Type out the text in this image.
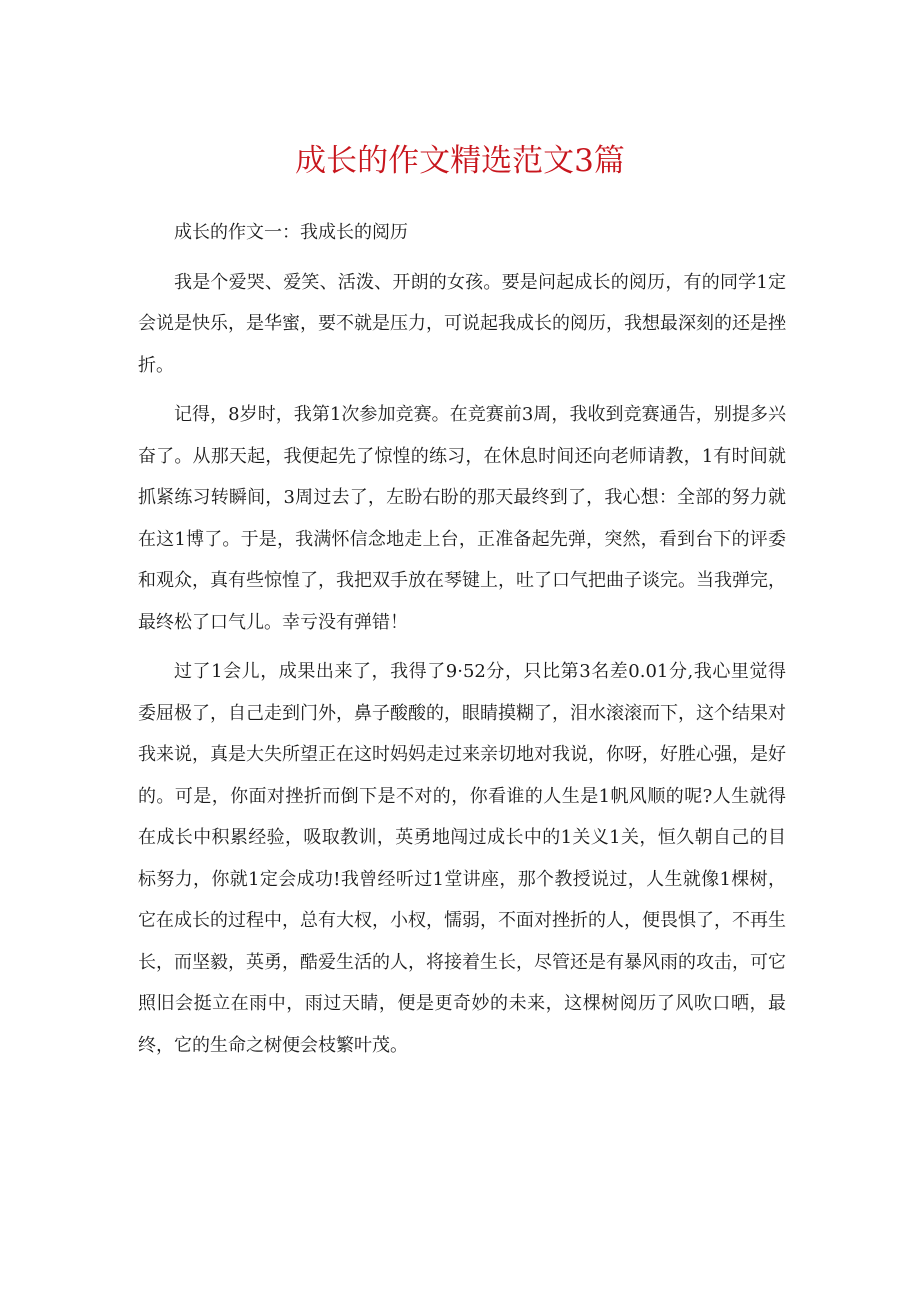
成长的作文精选范文3篇

成长的作文一：我成长的阅历

我是个爱哭、爱笑、活泼、开朗的女孩。要是问起成长的阅历，有的同学1定会说是快乐，是华蜜，要不就是压力，可说起我成长的阅历，我想最深刻的还是挫折。

记得，8岁时，我第1次参加竞赛。在竞赛前3周，我收到竞赛通告，别提多兴奋了。从那天起，我便起先了惊惶的练习，在休息时间还向老师请教，1有时间就抓紧练习转瞬间，3周过去了，左盼右盼的那天最终到了，我心想：全部的努力就在这1博了。于是，我满怀信念地走上台，正准备起先弹，突然，看到台下的评委和观众，真有些惊惶了，我把双手放在琴键上，吐了口气把曲子谈完。当我弹完，最终松了口气儿。幸亏没有弹错！

过了1会儿，成果出来了，我得了9·52分，只比第3名差0.01分,我心里觉得委屈极了，自己走到门外，鼻子酸酸的，眼睛摸糊了，泪水滚滚而下，这个结果对我来说，真是大失所望正在这时妈妈走过来亲切地对我说，你呀，好胜心强，是好的。可是，你面对挫折而倒下是不对的，你看谁的人生是1帆风顺的呢?人生就得在成长中积累经验，吸取教训，英勇地闯过成长中的1关义1关，恒久朝自己的目标努力，你就1定会成功!我曾经听过1堂讲座，那个教授说过，人生就像1棵树，它在成长的过程中，总有大杈，小杈，懦弱，不面对挫折的人，便畏惧了，不再生长，而坚毅，英勇，酷爱生活的人，将接着生长，尽管还是有暴风雨的攻击，可它照旧会挺立在雨中，雨过天睛，便是更奇妙的未来，这棵树阅历了风吹口晒，最终，它的生命之树便会枝繁叶茂。
